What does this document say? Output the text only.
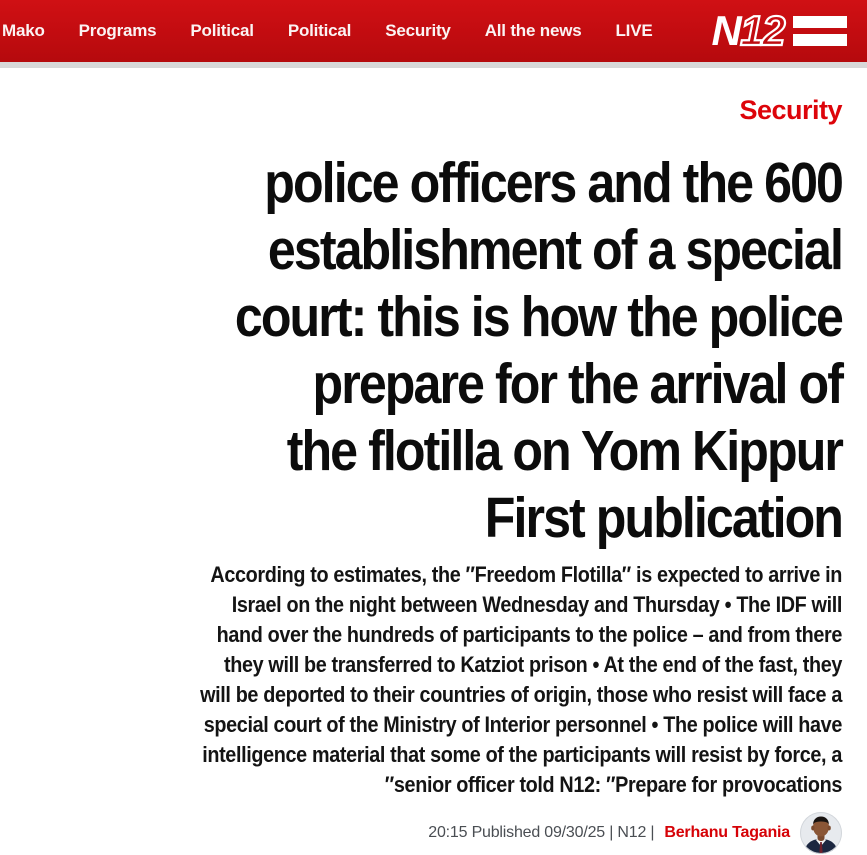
Mako Programs Political Political Security All the news LIVE N 12
Security
police officers and the 600
establishment of a special
court: this is how the police
prepare for the arrival of
the flotilla on Yom Kippur
First publication
According to estimates, the ″Freedom Flotilla″ is expected to arrive in
Israel on the night between Wednesday and Thursday • The IDF will
hand over the hundreds of participants to the police – and from there
they will be transferred to Katziot prison • At the end of the fast, they
will be deported to their countries of origin, those who resist will face a
special court of the Ministry of Interior personnel • The police will have
intelligence material that some of the participants will resist by force, a
″senior officer told N12: ″Prepare for provocations
20:15 Published 09/30/25 | N12 | Berhanu Tagania
